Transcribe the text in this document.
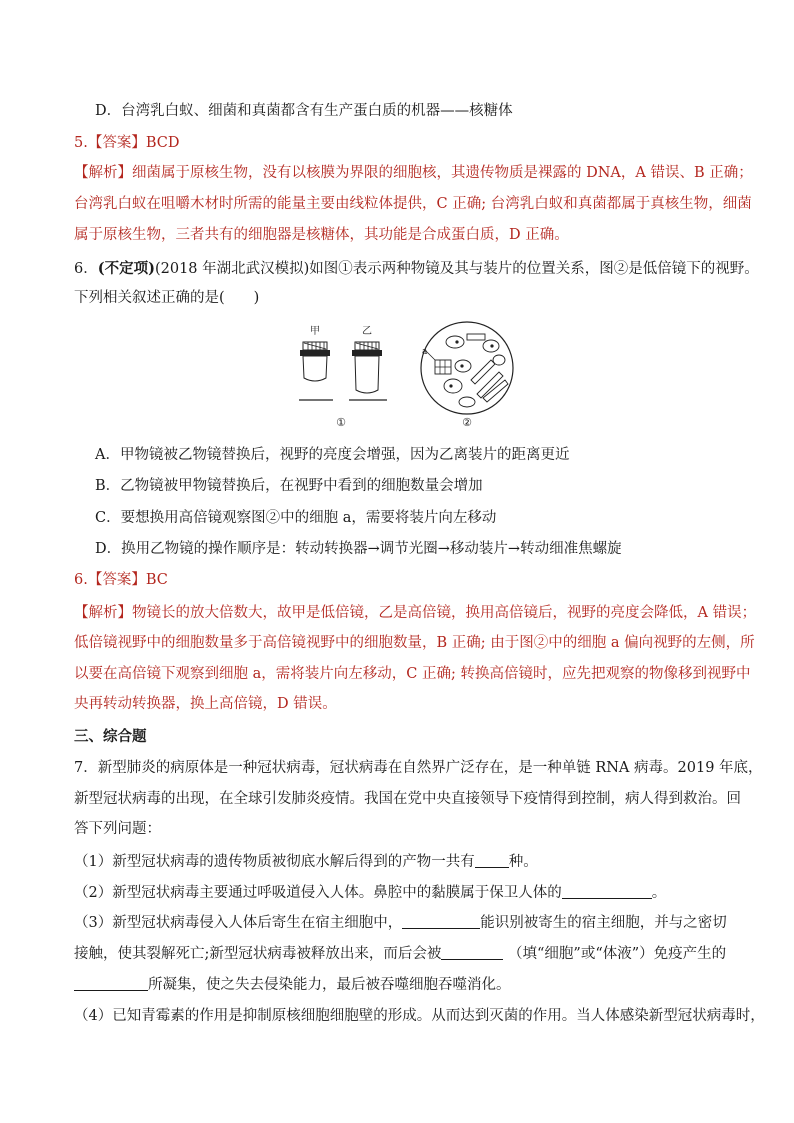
D．台湾乳白蚁、细菌和真菌都含有生产蛋白质的机器——核糖体
5.【答案】BCD
【解析】细菌属于原核生物，没有以核膜为界限的细胞核，其遗传物质是裸露的 DNA，A 错误、B 正确；
台湾乳白蚁在咀嚼木材时所需的能量主要由线粒体提供，C 正确; 台湾乳白蚁和真菌都属于真核生物，细菌
属于原核生物，三者共有的细胞器是核糖体，其功能是合成蛋白质，D 正确。
6．(不定项)(2018 年湖北武汉模拟)如图①表示两种物镜及其与装片的位置关系，图②是低倍镜下的视野。
下列相关叙述正确的是(　　)
甲	乙
a
①	②
A．甲物镜被乙物镜替换后，视野的亮度会增强，因为乙离装片的距离更近
B．乙物镜被甲物镜替换后，在视野中看到的细胞数量会增加
C．要想换用高倍镜观察图②中的细胞 a，需要将装片向左移动
D．换用乙物镜的操作顺序是：转动转换器→调节光圈→移动装片→转动细准焦螺旋
6.【答案】BC
【解析】物镜长的放大倍数大，故甲是低倍镜，乙是高倍镜，换用高倍镜后，视野的亮度会降低，A 错误；
低倍镜视野中的细胞数量多于高倍镜视野中的细胞数量，B 正确; 由于图②中的细胞 a 偏向视野的左侧，所
以要在高倍镜下观察到细胞 a，需将装片向左移动，C 正确; 转换高倍镜时，应先把观察的物像移到视野中
央再转动转换器，换上高倍镜，D 错误。
三、综合题
7．新型肺炎的病原体是一种冠状病毒，冠状病毒在自然界广泛存在，是一种单链 RNA 病毒。2019 年底，
新型冠状病毒的出现，在全球引发肺炎疫情。我国在党中央直接领导下疫情得到控制，病人得到救治。回
答下列问题：
（1）新型冠状病毒的遗传物质被彻底水解后得到的产物一共有 种。
（2）新型冠状病毒主要通过呼吸道侵入人体。鼻腔中的黏膜属于保卫人体的	。
（3）新型冠状病毒侵入人体后寄生在宿主细胞中，	能识别被寄生的宿主细胞，并与之密切
接触，使其裂解死亡;新型冠状病毒被释放出来，而后会被	（填“细胞”或“体液”）免疫产生的
所凝集，使之失去侵染能力，最后被吞噬细胞吞噬消化。
（4）已知青霉素的作用是抑制原核细胞细胞壁的形成。从而达到灭菌的作用。当人体感染新型冠状病毒时，
